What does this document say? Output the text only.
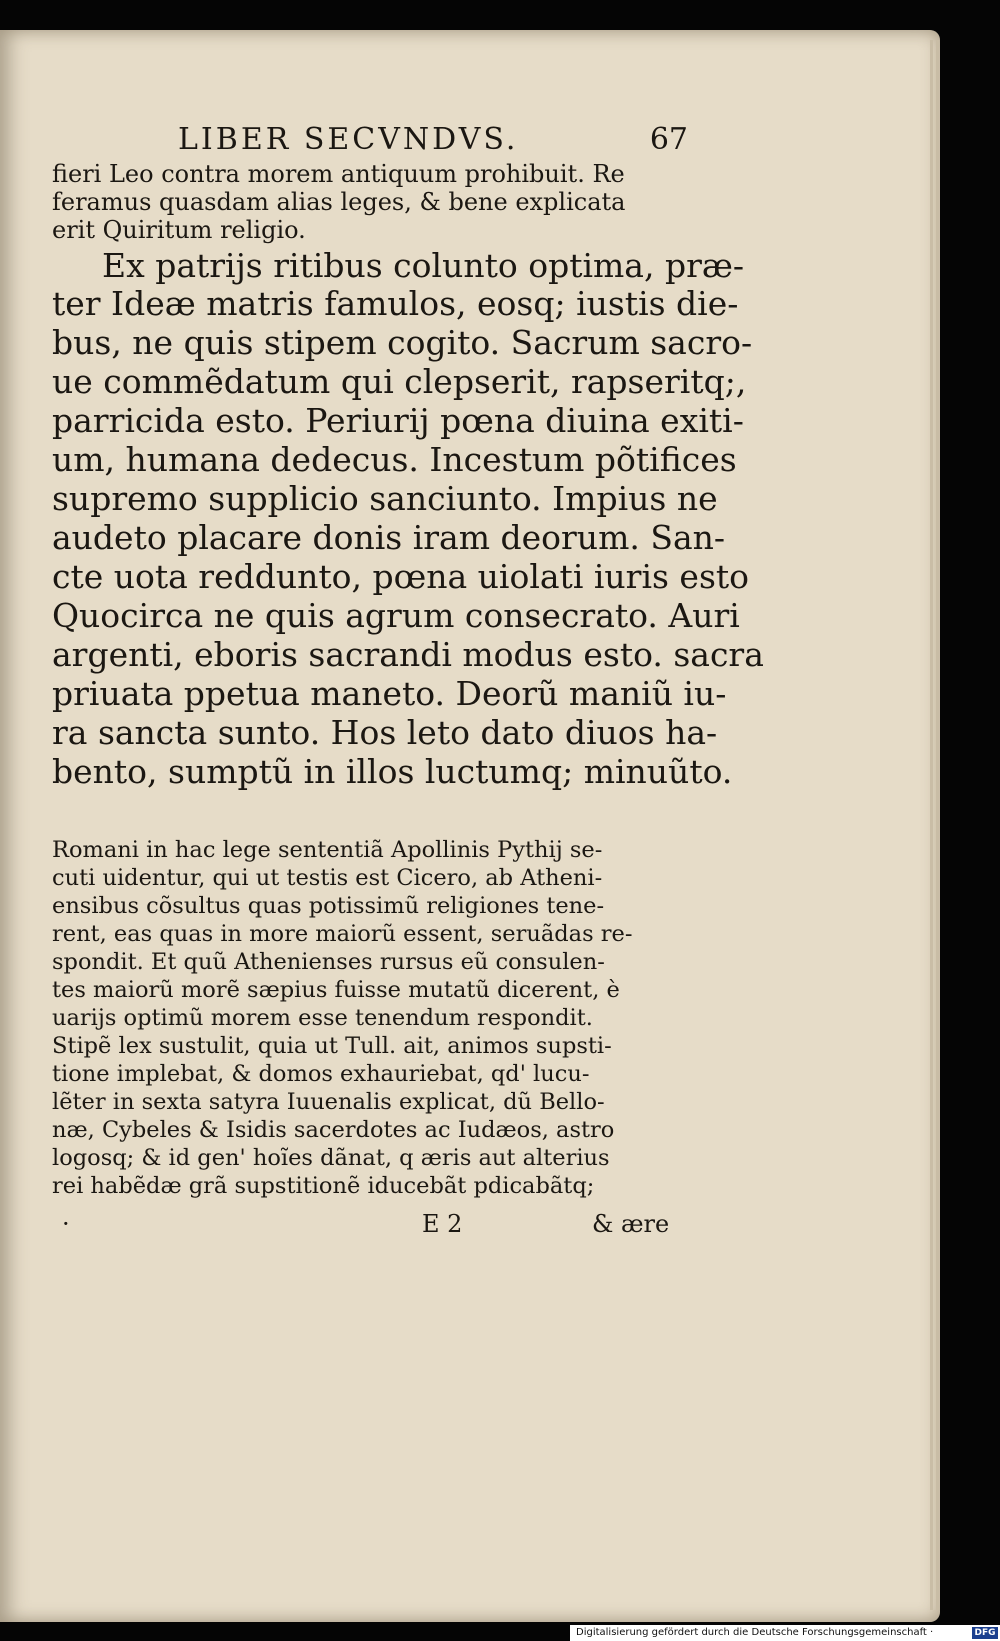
LIBER SECVNDVS.	67
fieri Leo contra morem antiquum prohibuit. Re
feramus quasdam alias leges, & bene explicata
erit Quiritum religio.
Ex patrijs ritibus colunto optima, præ-
ter Ideæ matris famulos, eosq; iustis die-
bus, ne quis stipem cogito. Sacrum sacro-
ue commẽdatum qui clepserit, rapseritq;,
parricida esto. Periurij pœna diuina exiti-
um, humana dedecus. Incestum põtifices
supremo supplicio sanciunto. Impius ne
audeto placare donis iram deorum. San-
cte uota reddunto, pœna uiolati iuris esto
Quocirca ne quis agrum consecrato. Auri
argenti, eboris sacrandi modus esto. sacra
priuata ppetua maneto. Deorũ maniũ iu-
ra sancta sunto. Hos leto dato diuos ha-
bento, sumptũ in illos luctumq; minuũto.
Romani in hac lege sententiã Apollinis Pythij se-
cuti uidentur, qui ut testis est Cicero, ab Atheni-
ensibus cõsultus quas potissimũ religiones tene-
rent, eas quas in more maiorũ essent, seruãdas re-
spondit. Et quũ Athenienses rursus eũ consulen-
tes maiorũ morẽ sæpius fuisse mutatũ dicerent, è
uarijs optimũ morem esse tenendum respondit.
Stipẽ lex sustulit, quia ut Tull. ait, animos supsti-
tione implebat, & domos exhauriebat, qd' lucu-
lẽter in sexta satyra Iuuenalis explicat, dũ Bello-
næ, Cybeles & Isidis sacerdotes ac Iudæos, astro
logosq; & id gen' hoĩes dãnat, q æris aut alterius
rei habẽdæ grã supstitionẽ iducebãt pdicabãtq;
·	E 2	& ære
Digitalisierung gefördert durch die Deutsche Forschungsgemeinschaft ·	DFG
